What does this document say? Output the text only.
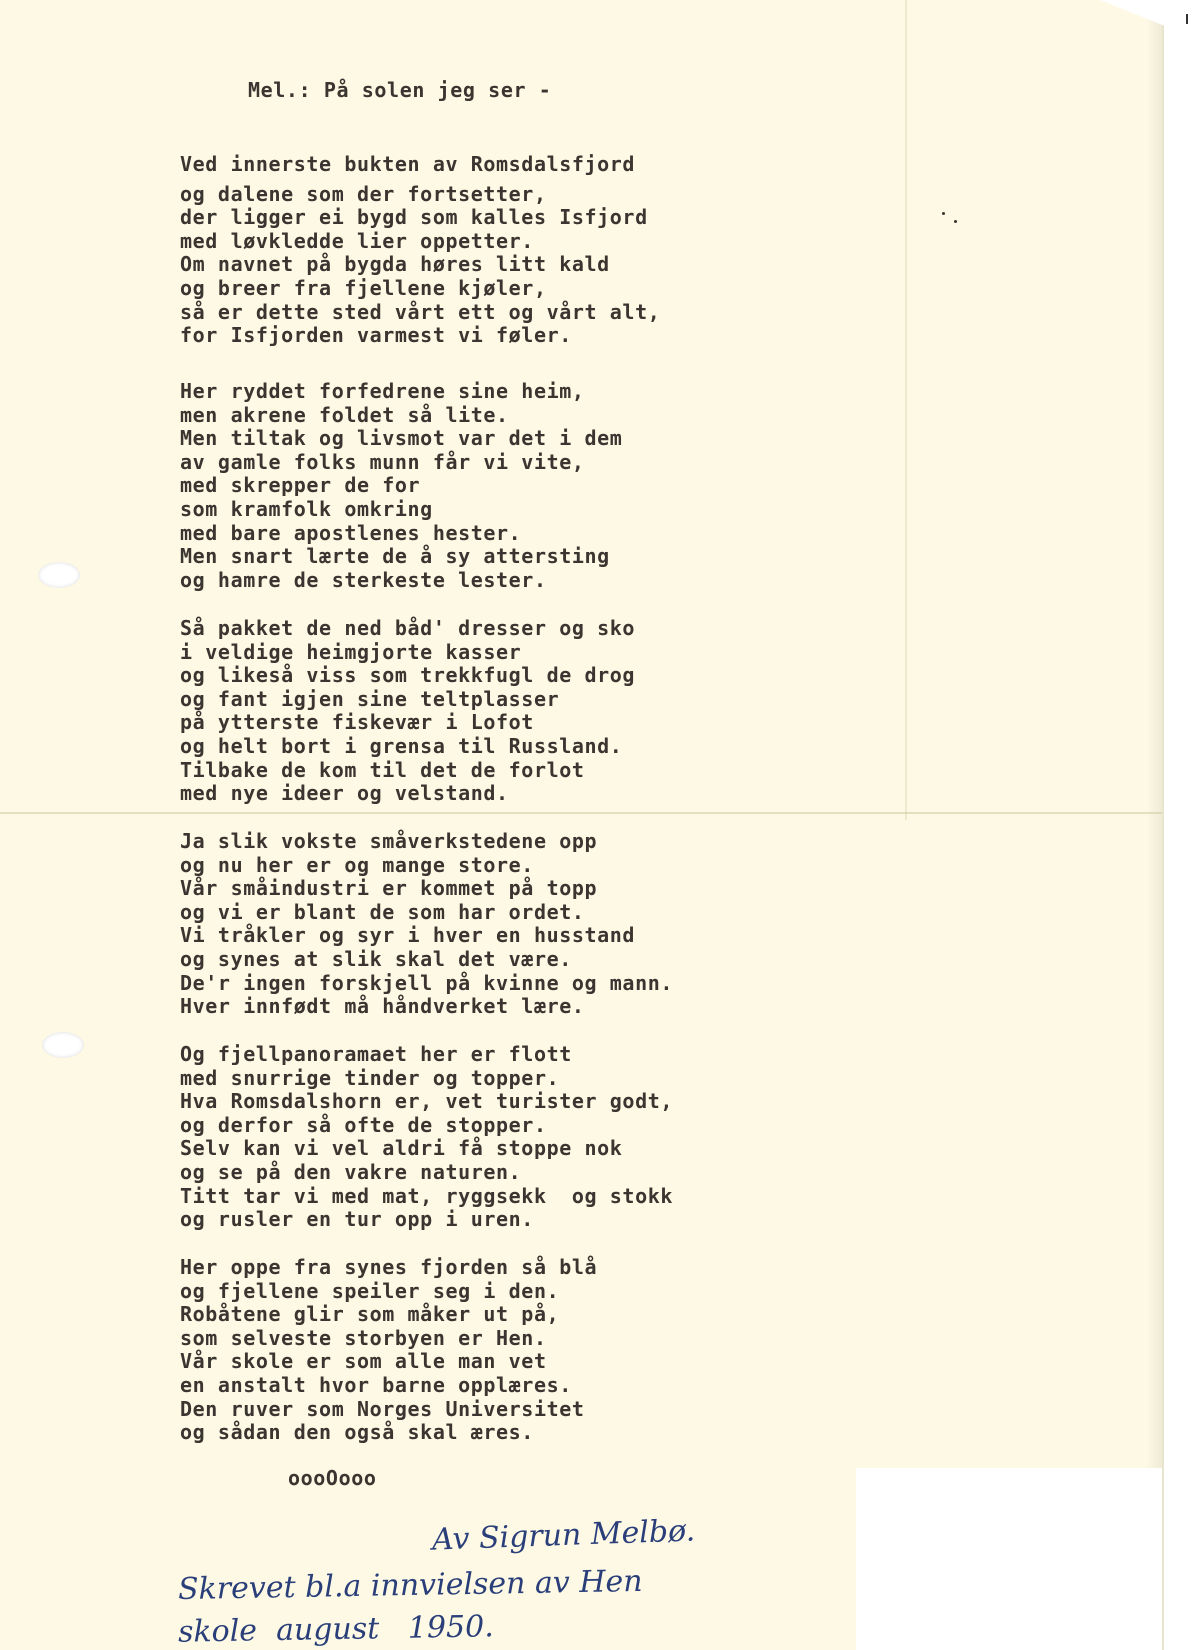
Mel.: På solen jeg ser -
Ved innerste bukten av Romsdalsfjord
og dalene som der fortsetter,
der ligger ei bygd som kalles Isfjord
med løvkledde lier oppetter.
Om navnet på bygda høres litt kald
og breer fra fjellene kjøler,
så er dette sted vårt ett og vårt alt,
for Isfjorden varmest vi føler.
Her ryddet forfedrene sine heim,
men akrene foldet så lite.
Men tiltak og livsmot var det i dem
av gamle folks munn får vi vite,
med skrepper de for
som kramfolk omkring
med bare apostlenes hester.
Men snart lærte de å sy attersting
og hamre de sterkeste lester.
Så pakket de ned båd' dresser og sko
i veldige heimgjorte kasser
og likeså viss som trekkfugl de drog
og fant igjen sine teltplasser
på ytterste fiskevær i Lofot
og helt bort i grensa til Russland.
Tilbake de kom til det de forlot
med nye ideer og velstand.
Ja slik vokste småverkstedene opp
og nu her er og mange store.
Vår småindustri er kommet på topp
og vi er blant de som har ordet.
Vi tråkler og syr i hver en husstand
og synes at slik skal det være.
De'r ingen forskjell på kvinne og mann.
Hver innfødt må håndverket lære.
Og fjellpanoramaet her er flott
med snurrige tinder og topper.
Hva Romsdalshorn er, vet turister godt,
og derfor så ofte de stopper.
Selv kan vi vel aldri få stoppe nok
og se på den vakre naturen.
Titt tar vi med mat, ryggsekk  og stokk
og rusler en tur opp i uren.
Her oppe fra synes fjorden så blå
og fjellene speiler seg i den.
Robåtene glir som måker ut på,
som selveste storbyen er Hen.
Vår skole er som alle man vet
en anstalt hvor barne opplæres.
Den ruver som Norges Universitet
og sådan den også skal æres.
oooOooo
Av Sigrun Melbø.
Skrevet bl.a innvielsen av Hen
skole  august   1950.
